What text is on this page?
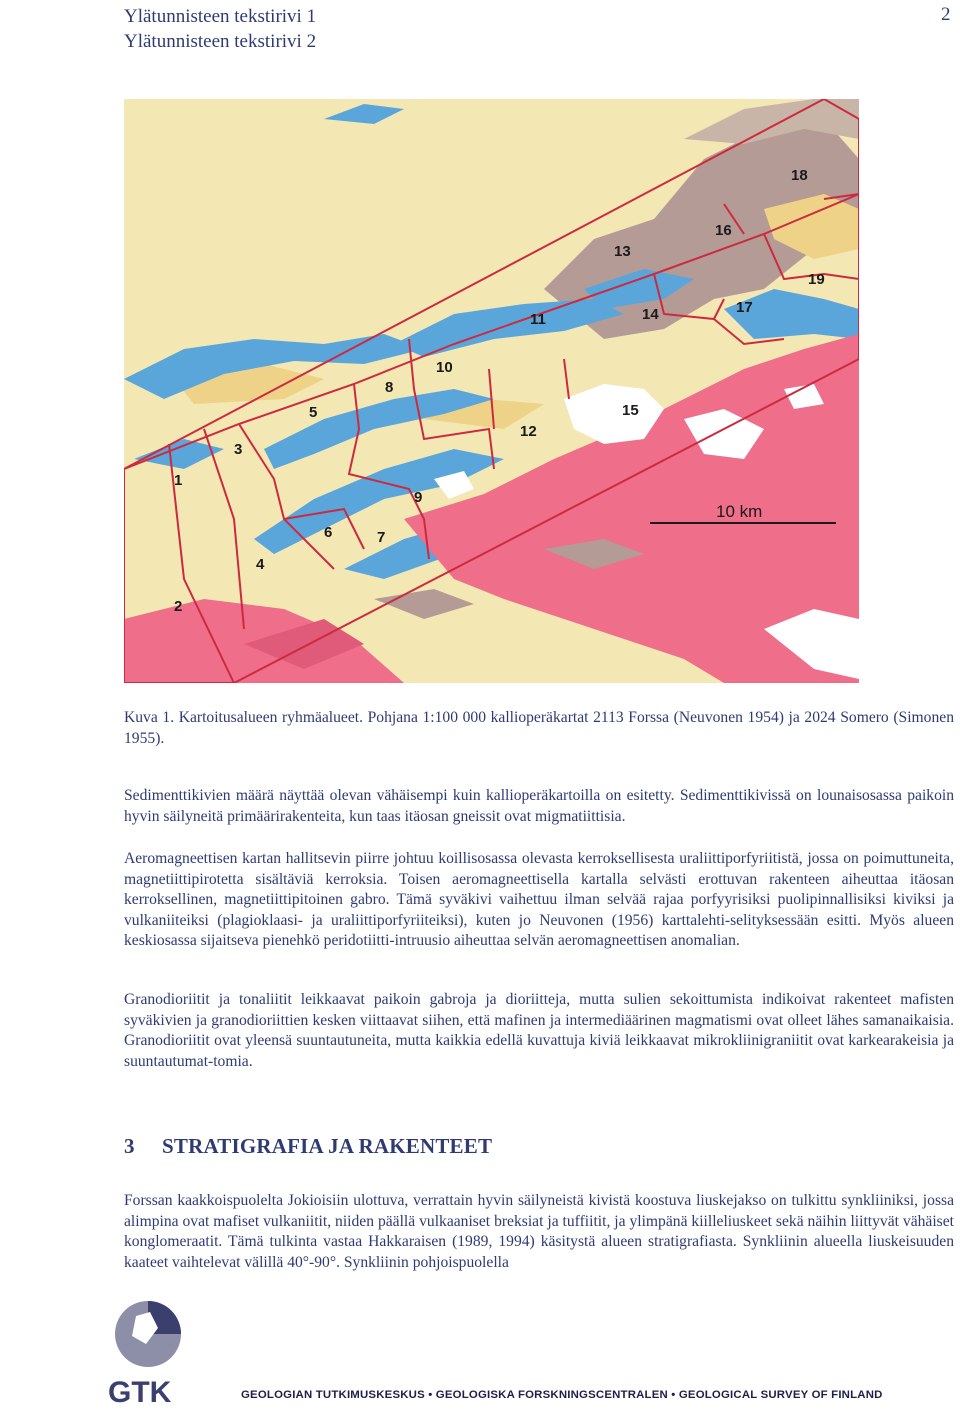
Ylätunnisteen tekstirivi 1
Ylätunnisteen tekstirivi 2
2
10 km
1
2
3
4
5
6	7
8
9
10
11
12
13
14
15
16
17
18
19
Kuva 1. Kartoitusalueen ryhmäalueet. Pohjana 1:100 000 kallioperäkartat 2113 Forssa (Neuvonen 1954) ja 2024 Somero (Simonen 1955).
Sedimenttikivien määrä näyttää olevan vähäisempi kuin kallioperäkartoilla on esitetty. Sedimenttikivissä on lounaisosassa paikoin hyvin säilyneitä primäärirakenteita, kun taas itäosan gneissit ovat migmatiittisia.
Aeromagneettisen kartan hallitsevin piirre johtuu koillisosassa olevasta kerroksellisesta uraliittiporfyriitistä, jossa on poimuttuneita, magnetiittipirotetta sisältäviä kerroksia. Toisen aeromagneettisella kartalla selvästi erottuvan rakenteen aiheuttaa itäosan kerroksellinen, magnetiittipitoinen gabro. Tämä syväkivi vaihettuu ilman selvää rajaa porfyyrisiksi puolipinnallisiksi kiviksi ja vulkaniiteiksi (plagioklaasi- ja uraliittiporfyriiteiksi), kuten jo Neuvonen (1956) karttalehti-selityksessään esitti. Myös alueen keskiosassa sijaitseva pienehkö peridotiitti-intruusio aiheuttaa selvän aeromagneettisen anomalian.
Granodioriitit ja tonaliitit leikkaavat paikoin gabroja ja dioriitteja, mutta sulien sekoittumista indikoivat rakenteet mafisten syväkivien ja granodioriittien kesken viittaavat siihen, että mafinen ja intermediäärinen magmatismi ovat olleet lähes samanaikaisia. Granodioriitit ovat yleensä suuntautuneita, mutta kaikkia edellä kuvattuja kiviä leikkaavat mikrokliinigraniitit ovat karkearakeisia ja suuntautumat-tomia.
3 STRATIGRAFIA JA RAKENTEET
Forssan kaakkoispuolelta Jokioisiin ulottuva, verrattain hyvin säilyneistä kivistä koostuva liuskejakso on tulkittu synkliiniksi, jossa alimpina ovat mafiset vulkaniitit, niiden päällä vulkaaniset breksiat ja tuffiitit, ja ylimpänä kiilleliuskeet sekä näihin liittyvät vähäiset konglomeraatit. Tämä tulkinta vastaa Hakkaraisen (1989, 1994) käsitystä alueen stratigrafiasta. Synkliinin alueella liuskeisuuden kaateet vaihtelevat välillä 40°-90°. Synkliinin pohjoispuolella
GTK	GEOLOGIAN TUTKIMUSKESKUS • GEOLOGISKA FORSKNINGSCENTRALEN • GEOLOGICAL SURVEY OF FINLAND
